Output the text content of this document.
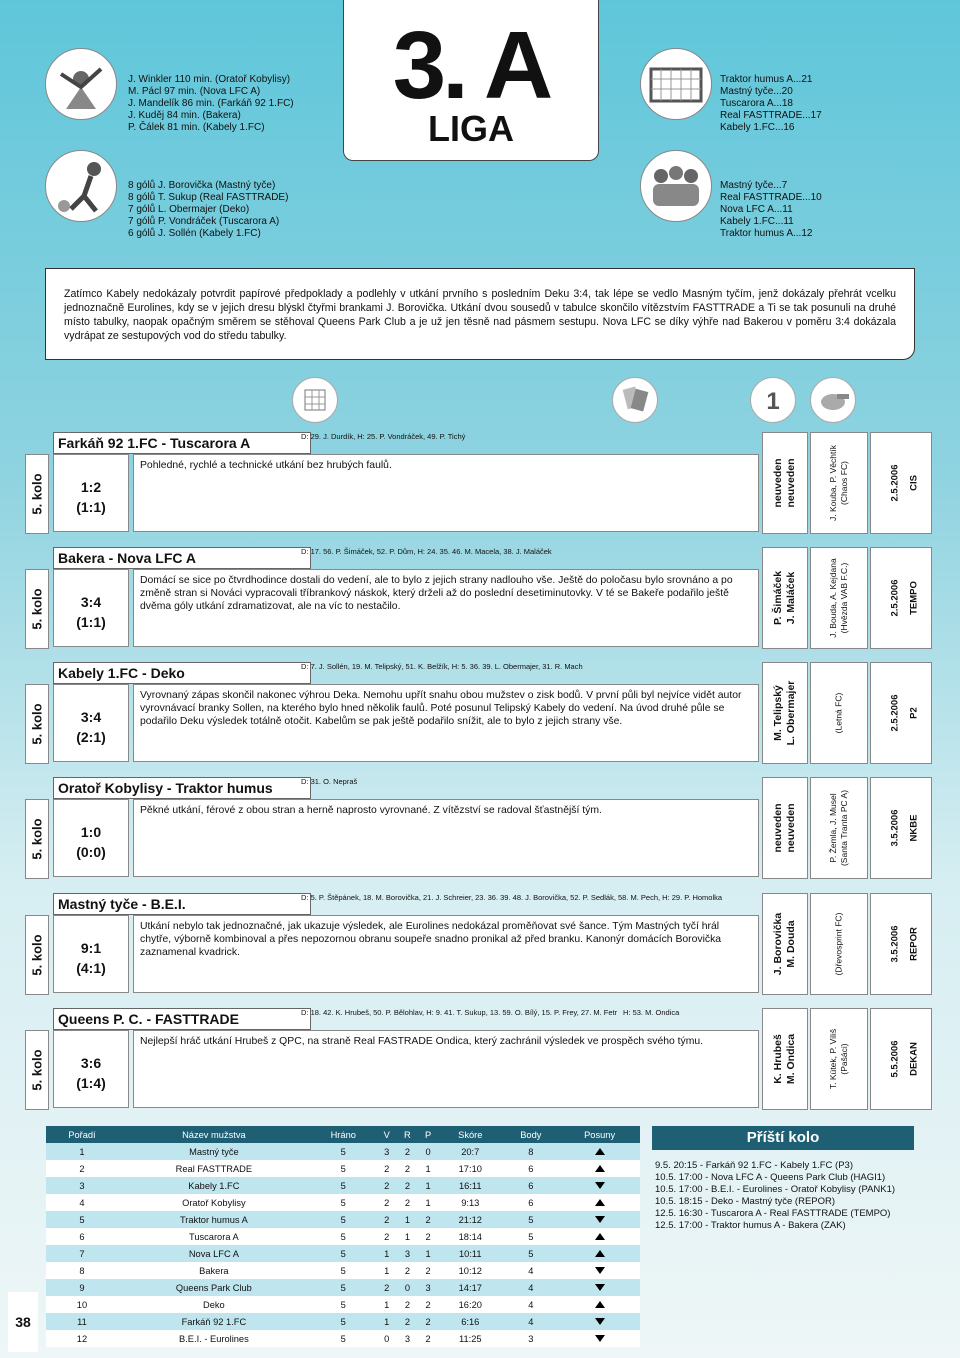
3. A
LIGA
J. Winkler 110 min. (Oratoř Kobylisy)
M. Pácl 97 min. (Nova LFC A)
J. Mandelík 86 min. (Farkáň 92 1.FC)
J. Kuděj 84 min. (Bakera)
P. Čálek 81 min. (Kabely 1.FC)
8 gólů J. Borovička (Mastný tyče)
8 gólů T. Sukup (Real FASTTRADE)
7 gólů L. Obermajer (Deko)
7 gólů P. Vondráček (Tuscarora A)
6 gólů J. Sollén (Kabely 1.FC)
Traktor humus A...21
Mastný tyče...20
Tuscarora A...18
Real FASTTRADE...17
Kabely 1.FC...16
Mastný tyče...7
Real FASTTRADE...10
Nova LFC A...11
Kabely 1.FC...11
Traktor humus A...12
Zatímco Kabely nedokázaly potvrdit papírové předpoklady a podlehly v utkání prvního s posledním Deku 3:4, tak lépe se vedlo Masným tyčím, jenž dokázaly přehrát vcelku jednoznačně Eurolines, kdy se v jejich dresu blýskl čtyřmi brankami J. Borovička. Utkání dvou sousedů v tabulce skončilo vítězstvím FASTTRADE a Ti se tak posunuli na druhé místo tabulky, naopak opačným směrem se stěhoval Queens Park Club a je už jen těsně nad pásmem sestupu. Nova LFC se díky výhře nad Bakerou v poměru 3:4 dokázala vydrápat ze sestupových vod do středu tabulky.
1
5. kolo
Farkáň 92 1.FC - Tuscarora A	D: 29. J. Durdík, H: 25. P. Vondráček, 49. P. Tichý
1:2
(1:1)
Pohledné, rychlé a technické utkání bez hrubých faulů.	neuveden neuveden	J. Kouba, P. Věchtík (Chaos FC)	2.5.2006 CIS
5. kolo
Bakera - Nova LFC A	D: 17. 56. P. Šimáček, 52. P. Dům, H: 24. 35. 46. M. Macela, 38. J. Maláček
3:4
(1:1)
Domácí se sice po čtvrdhodince dostali do vedení, ale to bylo z jejich strany nadlouho vše. Ještě do poločasu bylo srovnáno a po změně stran si Nováci vypracovali tříbrankový náskok, který drželi až do poslední desetiminutovky. V té se Bakeře podařilo ještě dvěma góly utkání zdramatizovat, ale na víc to nestačilo.	P. Šimáček J. Maláček	J. Bouda, A. Kejdana (Hvězda VAB F.C.)	2.5.2006 TEMPO
5. kolo
Kabely 1.FC - Deko	D: 7. J. Sollén, 19. M. Telipský, 51. K. Belžík, H: 5. 36. 39. L. Obermajer, 31. R. Mach
3:4
(2:1)
Vyrovnaný zápas skončil nakonec výhrou Deka. Nemohu upřít snahu obou mužstev o zisk bodů. V první půli byl nejvíce vidět autor vyrovnávací branky Sollen, na kterého bylo hned několik faulů. Poté posunul Telipský Kabely do vedení. Na úvod druhé půle se podařilo Deku výsledek totálně otočit. Kabelům se pak ještě podařilo snížit, ale to bylo z jejich strany vše.	M. Telipský L. Obermajer	(Letná FC)	2.5.2006 P2
5. kolo
Oratoř Kobylisy - Traktor humus	D: 31. O. Nepraš
1:0
(0:0)
Pěkné utkání, férové z obou stran a herně naprosto vyrovnané. Z vítězství se radoval šťastnější tým.	neuveden neuveden	P. Žemla, J. Musel (Santa Tranta PC A)	3.5.2006 NKBE
5. kolo
Mastný tyče - B.E.I.	D: 5. P. Štěpánek, 18. M. Borovička, 21. J. Schreier, 23. 36. 39. 48. J. Borovička, 52. P. Sedlák, 58. M. Pech, H: 29. P. Homolka
9:1
(4:1)
Utkání nebylo tak jednoznačné, jak ukazuje výsledek, ale Eurolines nedokázal proměňovat své šance. Tým Mastných tyčí hrál chytře, výborně kombinoval a přes nepozornou obranu soupeře snadno pronikal až před branku. Kanonýr domácích Borovička zaznamenal kvadrick.	J. Borovička M. Douda	(Dřevosprint FC)	3.5.2006 REPOR
5. kolo
Queens P. C. - FASTTRADE	D: 18. 42. K. Hrubeš, 50. P. Bělohlav, H: 9. 41. T. Sukup, 13. 59. O. Bílý, 15. P. Frey, 27. M. Fetr H: 53. M. Ondica
3:6
(1:4)
Nejlepší hráč utkání Hrubeš z QPC, na straně Real FASTRADE Ondica, který zachránil výsledek ve prospěch svého týmu.	K. Hrubeš M. Ondica	T. Kútek, P. Viliš (Pašáci)	5.5.2006 DEKAN
Pořadí	Název mužstva	Hráno	V	R	P	Skóre	Body	Posuny
1	Mastný tyče	5	3	2	0	20:7	8	
2	Real FASTTRADE	5	2	2	1	17:10	6	
3	Kabely 1.FC	5	2	2	1	16:11	6	
4	Oratoř Kobylisy	5	2	2	1	9:13	6	
5	Traktor humus A	5	2	1	2	21:12	5	
6	Tuscarora A	5	2	1	2	18:14	5	
7	Nova LFC A	5	1	3	1	10:11	5	
8	Bakera	5	1	2	2	10:12	4	
9	Queens Park Club	5	2	0	3	14:17	4	
10	Deko	5	1	2	2	16:20	4	
11	Farkáň 92 1.FC	5	1	2	2	6:16	4	
12	B.E.I. - Eurolines	5	0	3	2	11:25	3	
Příští kolo
9.5. 20:15 - Farkáň 92 1.FC - Kabely 1.FC (P3)
10.5. 17:00 - Nova LFC A - Queens Park Club (HAGI1)
10.5. 17:00 - B.E.I. - Eurolines - Oratoř Kobylisy (PANK1)
10.5. 18:15 - Deko - Mastný tyče (REPOR)
12.5. 16:30 - Tuscarora A - Real FASTTRADE (TEMPO)
12.5. 17:00 - Traktor humus A - Bakera (ZAK)
38
